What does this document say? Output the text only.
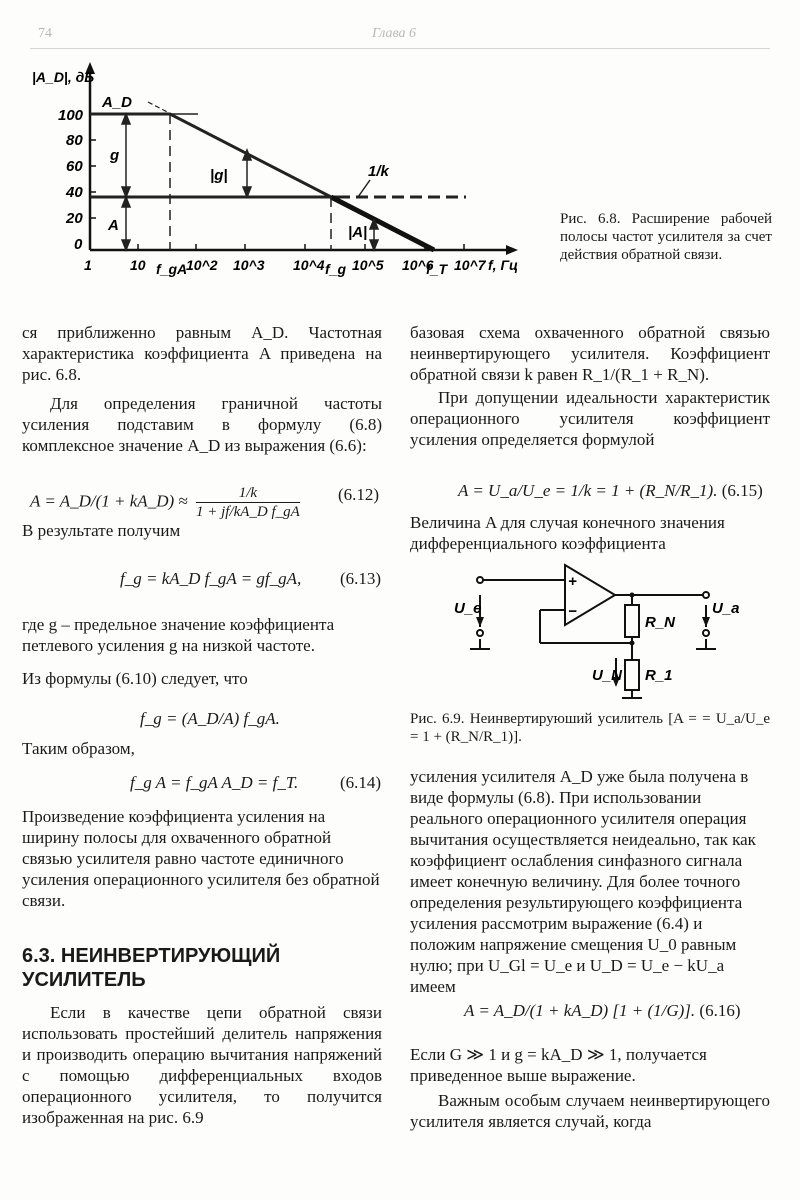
74	Глава 6
|A_D|, дБ
100
80
60
40
20
0
1	10 f_gA
10^2 10^3 10^4 f_g 10^5 10^6
f_T 10^7 f, Гц
A_D
g
|g|	1/k
A	|A|
Рис. 6.8. Расширение рабочей полосы частот усилителя за счет действия обратной связи.

ся приближенно равным A_D. Частотная характеристика коэффициента A приведена на рис. 6.8.

Для определения граничной частоты усиления подставим в формулу (6.8) комплексное значение A_D из выражения (6.6):

A = A_D/(1 + kA_D) ≈ $\frac{1/k}{\text{1 + jf/kA\_D f\_gA}} (6.12)$
В результате получим
f_g = kA_D f_gA = gf_gA, (6.13)
где g – предельное значение коэффициента петлевого усиления g на низкой частоте.
Из формулы (6.10) следует, что
f_g = (A_D/A) f_gA.
Таким образом,
f_g A = f_gA A_D = f_T. (6.14)
Произведение коэффициента усиления на ширину полосы для охваченного обратной связью усилителя равно частоте единичного усиления операционного усилителя без обратной связи.
6.3. НЕИНВЕРТИРУЮЩИЙ УСИЛИТЕЛЬ

Если в качестве цепи обратной связи использовать простейший делитель напряжения и производить операцию вычитания напряжений с помощью дифференциальных входов операционного усилителя, то получится изображенная на рис. 6.9

базовая схема охваченного обратной связью неинвертирующего усилителя. Коэффициент обратной связи k равен R_1/(R_1 + R_N).

При допущении идеальности характеристик операционного усилителя коэффициент усиления определяется формулой

A = U_a/U_e = 1/k = 1 + (R_N/R_1). (6.15)
Величина A для случая конечного значения дифференциального коэффициента
+
−
U_e	U_a
R_N
R_1
U_N
Рис. 6.9. Неинвертируюший усилитель [A = = U_a/U_e = 1 + (R_N/R_1)].
усиления усилителя A_D уже была получена в виде формулы (6.8). При использовании реального операционного усилителя операция вычитания осуществляется неидеально, так как коэффициент ослабления синфазного сигнала имеет конечную величину. Для более точного определения результирующего коэффициента усиления рассмотрим выражение (6.4) и положим напряжение смещения U_0 равным нулю; при U_Gl = U_e и U_D = U_e − kU_a имеем
A = A_D/(1 + kA_D) [1 + (1/G)]. (6.16)
Если G ≫ 1 и g = kA_D ≫ 1, получается приведенное выше выражение.

Важным особым случаем неинвертирующего усилителя является случай, когда
